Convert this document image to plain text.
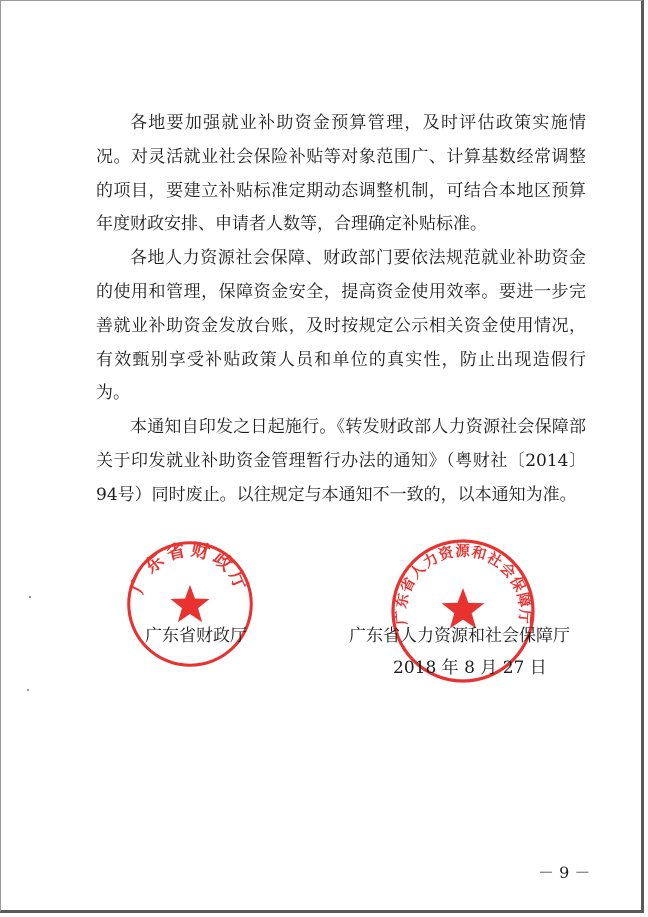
各地要加强就业补助资金预算管理，及时评估政策实施情况。对灵活就业社会保险补贴等对象范围广、计算基数经常调整的项目，要建立补贴标准定期动态调整机制，可结合本地区预算年度财政安排、申请者人数等，合理确定补贴标准。

各地人力资源社会保障、财政部门要依法规范就业补助资金的使用和管理，保障资金安全，提高资金使用效率。要进一步完善就业补助资金发放台账，及时按规定公示相关资金使用情况，有效甄别享受补贴政策人员和单位的真实性，防止出现造假行为。

本通知自印发之日起施行。《转发财政部人力资源社会保障部关于印发就业补助资金管理暂行办法的通知》（粤财社〔2014〕94号）同时废止。以往规定与本通知不一致的，以本通知为准。

广东省财政厅
广东省人力资源和社会保障厅
广东省财政厅	广东省人力资源和社会保障厅
2018 年 8 月 27 日
－ 9 －
